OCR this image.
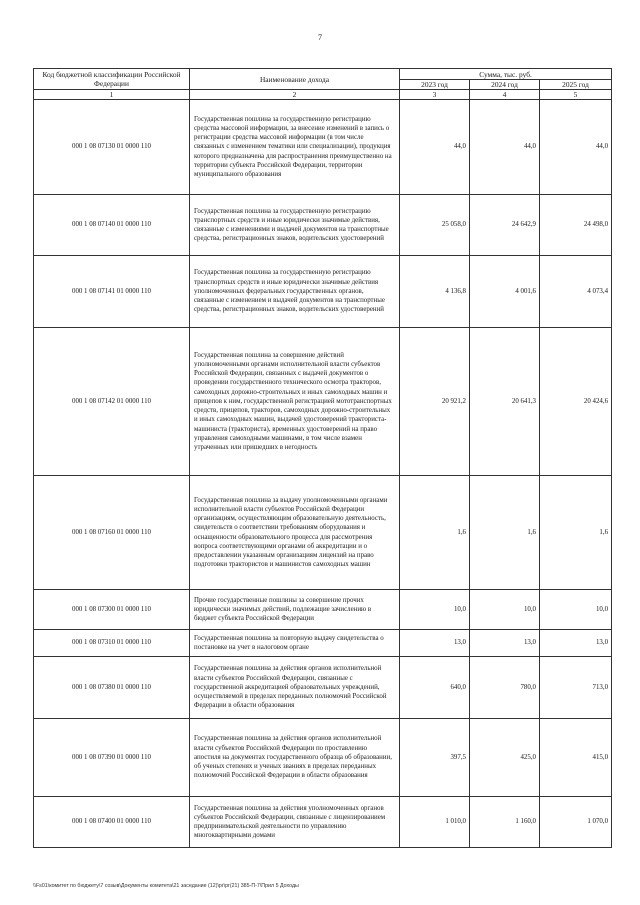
7
Код бюджетной классификации Российской Федерации	Наименование дохода	Сумма, тыс. руб.		
		2023 год	2024 год	2025 год
1	2	3	4	5
000 1 08 07130 01 0000 110	Государственная пошлина за государственную регистрацию средства массовой информации, за внесение изменений в запись о регистрации средства массовой информации (в том числе связанных с изменением тематики или специализации), продукция которого предназначена для распространения преимущественно на территории субъекта Российской Федерации, территории муниципального образования	44,0	44,0	44,0
000 1 08 07140 01 0000 110	Государственная пошлина за государственную регистрацию транспортных средств и иные юридически значимые действия, связанные с изменениями и выдачей документов на транспортные средства, регистрационных знаков, водительских удостоверений	25 058,0	24 642,9	24 498,0
000 1 08 07141 01 0000 110	Государственная пошлина за государственную регистрацию транспортных средств и иные юридически значимые действия уполномоченных федеральных государственных органов, связанные с изменением и выдачей документов на транспортные средства, регистрационных знаков, водительских удостоверений	4 136,8	4 001,6	4 073,4
000 1 08 07142 01 0000 110	Государственная пошлина за совершение действий уполномоченными органами исполнительной власти субъектов Российской Федерации, связанных с выдачей документов о проведении государственного технического осмотра тракторов, самоходных дорожно-строительных и иных самоходных машин и прицепов к ним, государственной регистрацией мототранспортных средств, прицепов, тракторов, самоходных дорожно-строительных и иных самоходных машин, выдачей удостоверений тракториста-машиниста (тракториста), временных удостоверений на право управления самоходными машинами, в том числе взамен утраченных или пришедших в негодность	20 921,2	20 641,3	20 424,6
000 1 08 07160 01 0000 110	Государственная пошлина за выдачу уполномоченными органами исполнительной власти субъектов Российской Федерации организациям, осуществляющим образовательную деятельность, свидетельств о соответствии требованиям оборудования и оснащенности образовательного процесса для рассмотрения вопроса соответствующими органами об аккредитации и о предоставлении указанным организациям лицензий на право подготовки трактористов и машинистов самоходных машин	1,6	1,6	1,6
000 1 08 07300 01 0000 110	Прочие государственные пошлины за совершение прочих юридически значимых действий, подлежащие зачислению в бюджет субъекта Российской Федерации	10,0	10,0	10,0
000 1 08 07310 01 0000 110	Государственная пошлина за повторную выдачу свидетельства о постановке на учет в налоговом органе	13,0	13,0	13,0
000 1 08 07380 01 0000 110	Государственная пошлина за действия органов исполнительной власти субъектов Российской Федерации, связанные с государственной аккредитацией образовательных учреждений, осуществляемой в пределах переданных полномочий Российской Федерации в области образования	640,0	780,0	713,0
000 1 08 07390 01 0000 110	Государственная пошлина за действия органов исполнительной власти субъектов Российской Федерации по проставлению апостиля на документах государственного образца об образовании, об ученых степенях и ученых званиях в пределах переданных полномочий Российской Федерации в области образования	397,5	425,0	415,0
000 1 08 07400 01 0000 110	Государственная пошлина за действия уполномоченных органов субъектов Российской Федерации, связанные с лицензированием предпринимательской деятельности по управлению многоквартирными домами	1 010,0	1 160,0	1 070,0
\\Fs01\комитет по бюджету\7 созыв\Документы комитета\21 заседание (12)\pr\pr(21) 385-П-7\Прил 5 Доходы
